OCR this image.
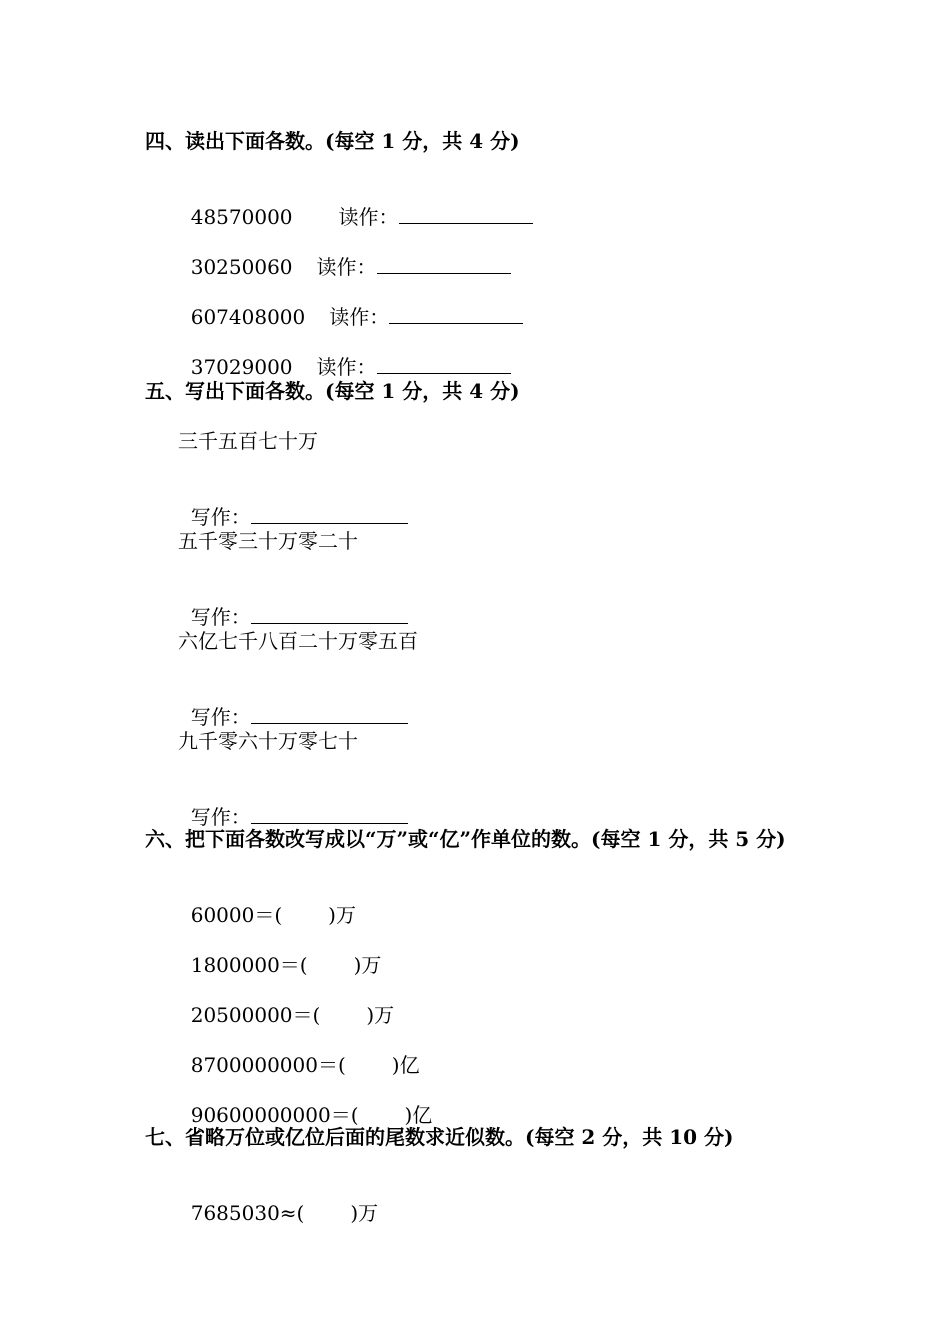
四、读出下面各数。(每空 1 分，共 4 分)

48570000 读作：

30250060 读作：

607408000 读作：

37029000 读作：

五、写出下面各数。(每空 1 分，共 4 分)
三千五百七十万

写作：

五千零三十万零二十

写作：

六亿七千八百二十万零五百

写作：

九千零六十万零七十

写作：

六、把下面各数改写成以“万”或“亿”作单位的数。(每空 1 分，共 5 分)

60000＝( )万

1800000＝( )万

20500000＝( )万

8700000000＝( )亿

90600000000＝( )亿

七、省略万位或亿位后面的尾数求近似数。(每空 2 分，共 10 分)

7685030≈( )万
